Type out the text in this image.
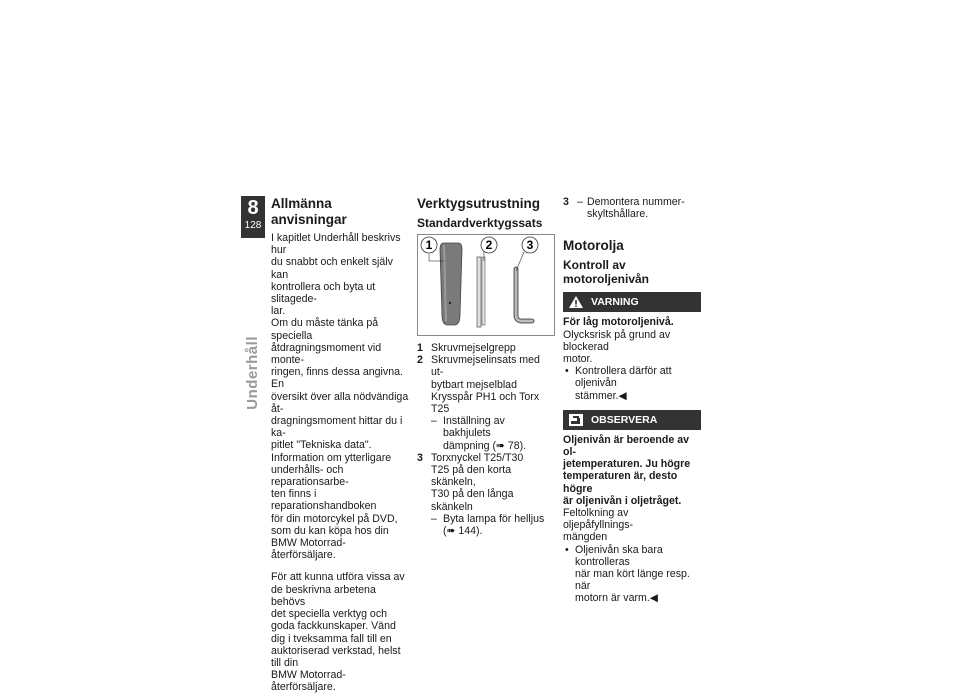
8
128
Underhåll
Allmänna anvisningar

I kapitlet Underhåll beskrivs hur

du snabbt och enkelt själv kan

kontrollera och byta ut slitagede-

lar.

Om du måste tänka på speciella

åtdragningsmoment vid monte-

ringen, finns dessa angivna. En

översikt över alla nödvändiga åt-

dragningsmoment hittar du i ka-

pitlet "Tekniska data".

Information om ytterligare

underhålls- och reparationsarbe-

ten finns i reparationshandboken

för din motorcykel på DVD,

som du kan köpa hos din

BMW Motorrad-återförsäljare.

För att kunna utföra vissa av

de beskrivna arbetena behövs

det speciella verktyg och

goda fackkunskaper. Vänd

dig i tveksamma fall till en

auktoriserad verkstad, helst till din

BMW Motorrad-återförsäljare.

Verktygsutrustning
Standardverktygssats
1	2	3
1 Skruvmejselgrepp

2 Skruvmejselinsats med ut-

bytbart mejselblad

Krysspår PH1 och Torx

T25

– Inställning av bakhjulets

dämpning (➠ 78).

3 Torxnyckel T25/T30

T25 på den korta skänkeln,

T30 på den långa skänkeln

– Byta lampa för helljus

(➠ 144).

3 – Demontera nummer-

skyltshållare.

Motorolja
Kontroll av motoroljenivån
VARNING

För låg motoroljenivå.

Olycksrisk på grund av blockerad

motor.

• Kontrollera därför att oljenivån

stämmer.◀

OBSERVERA

Oljenivån är beroende av ol-

jetemperaturen. Ju högre

temperaturen är, desto högre

är oljenivån i oljetråget.

Feltolkning av oljepåfyllnings-

mängden

• Oljenivån ska bara kontrolleras

när man kört länge resp. när

motorn är varm.◀
